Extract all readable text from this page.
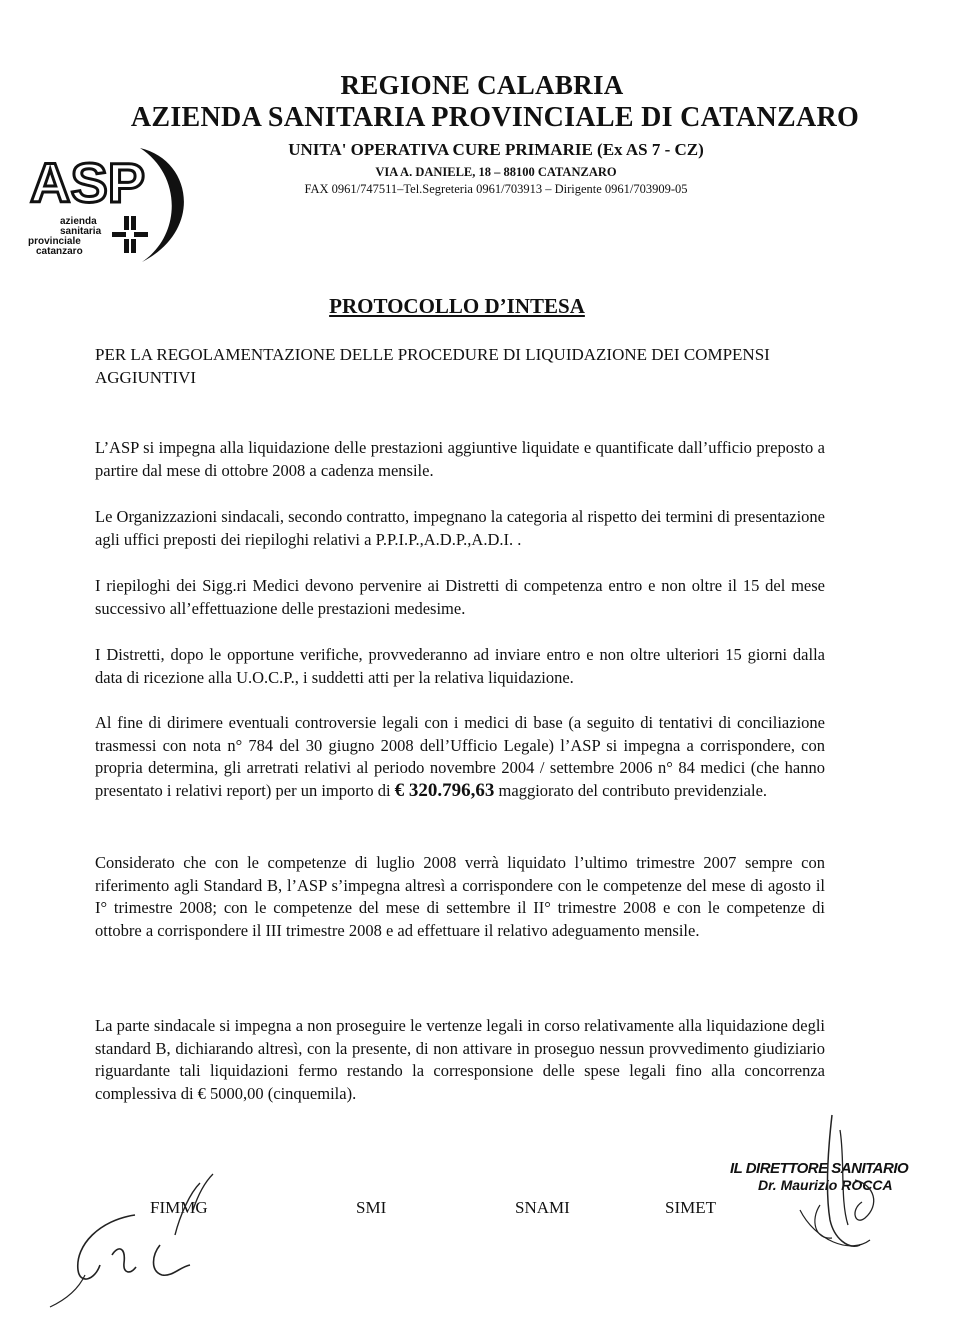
ASP
azienda
sanitaria
provinciale
catanzaro
REGIONE CALABRIA
AZIENDA SANITARIA PROVINCIALE DI CATANZARO
UNITA' OPERATIVA CURE PRIMARIE (Ex AS 7 - CZ)
VIA A. DANIELE, 18 – 88100 CATANZARO
FAX 0961/747511–Tel.Segreteria 0961/703913 – Dirigente 0961/703909-05
PROTOCOLLO D’INTESA
PER LA REGOLAMENTAZIONE DELLE PROCEDURE DI LIQUIDAZIONE DEI COMPENSI AGGIUNTIVI
L’ASP si impegna alla liquidazione delle prestazioni aggiuntive liquidate e quantificate dall’ufficio preposto a partire dal mese di ottobre 2008 a cadenza mensile.
Le Organizzazioni sindacali, secondo contratto, impegnano la categoria al rispetto dei termini di presentazione agli uffici preposti dei riepiloghi relativi a P.P.I.P.,A.D.P.,A.D.I. .
I riepiloghi dei Sigg.ri Medici devono pervenire ai Distretti di competenza entro e non oltre il 15 del mese successivo all’effettuazione delle prestazioni medesime.
I Distretti, dopo le opportune verifiche, provvederanno ad inviare entro e non oltre ulteriori 15 giorni dalla data di ricezione alla U.O.C.P., i suddetti atti per la relativa liquidazione.
Al fine di dirimere eventuali controversie legali con i medici di base (a seguito di tentativi di conciliazione trasmessi con nota n° 784 del 30 giugno 2008 dell’Ufficio Legale) l’ASP si impegna a corrispondere, con propria determina, gli arretrati relativi al periodo novembre 2004 / settembre 2006 n° 84 medici (che hanno presentato i relativi report) per un importo di € 320.796,63 maggiorato del contributo previdenziale.
Considerato che con le competenze di luglio 2008 verrà liquidato l’ultimo trimestre 2007 sempre con riferimento agli Standard B, l’ASP s’impegna altresì a corrispondere con le competenze del mese di agosto il I° trimestre 2008; con le competenze del mese di settembre il II° trimestre 2008 e con le competenze di ottobre a corrispondere il III trimestre 2008 e ad effettuare il relativo adeguamento mensile.
La parte sindacale si impegna a non proseguire le vertenze legali in corso relativamente alla liquidazione degli standard B, dichiarando altresì, con la presente, di non attivare in proseguo nessun provvedimento giudiziario riguardante tali liquidazioni fermo restando la corresponsione delle spese legali fino alla concorrenza complessiva di € 5000,00 (cinquemila).
FIMMG	SMI	SNAMI	SIMET
IL DIRETTORE SANITARIO
Dr. Maurizio ROCCA
